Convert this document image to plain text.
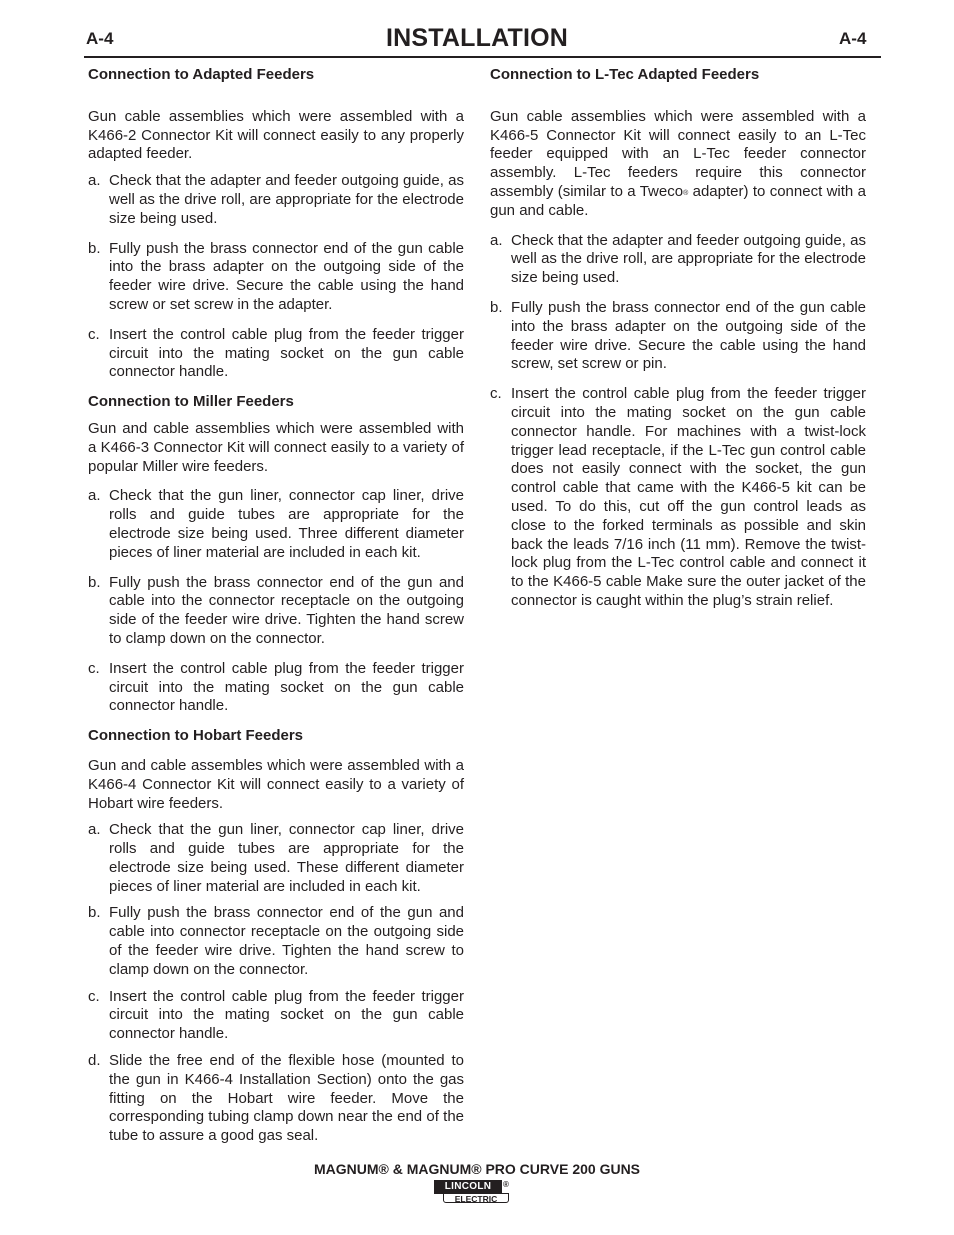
A-4	INSTALLATION	A-4

Connection to Adapted Feeders

Gun cable assemblies which were assembled with a K466-2 Connector Kit will connect easily to any properly adapted feeder.

a. Check that the adapter and feeder outgoing guide, as well as the drive roll, are appropriate for the electrode size being used.
b. Fully push the brass connector end of the gun cable into the brass adapter on the outgoing side of the feeder wire drive. Secure the cable using the hand screw or set screw in the adapter.
c. Insert the control cable plug from the feeder trigger circuit into the mating socket on the gun cable connector handle.

Connection to Miller Feeders

Gun and cable assemblies which were assembled with a K466-3 Connector Kit will connect easily to a variety of popular Miller wire feeders.

a. Check that the gun liner, connector cap liner, drive rolls and guide tubes are appropriate for the electrode size being used. Three different diameter pieces of liner material are included in each kit.
b. Fully push the brass connector end of the gun and cable into the connector receptacle on the outgoing side of the feeder wire drive. Tighten the hand screw to clamp down on the connector.
c. Insert the control cable plug from the feeder trigger circuit into the mating socket on the gun cable connector handle.

Connection to Hobart Feeders

Gun and cable assembles which were assembled with a K466-4 Connector Kit will connect easily to a variety of Hobart wire feeders.

a. Check that the gun liner, connector cap liner, drive rolls and guide tubes are appropriate for the electrode size being used. These different diameter pieces of liner material are included in each kit.
b. Fully push the brass connector end of the gun and cable into connector receptacle on the outgoing side of the feeder wire drive. Tighten the hand screw to clamp down on the connector.
c. Insert the control cable plug from the feeder trigger circuit into the mating socket on the gun cable connector handle.
d. Slide the free end of the flexible hose (mounted to the gun in K466-4 Installation Section) onto the gas fitting on the Hobart wire feeder. Move the corresponding tubing clamp down near the end of the tube to assure a good gas seal.

Connection to L-Tec Adapted Feeders

Gun cable assemblies which were assembled with a K466-5 Connector Kit will connect easily to an L-Tec feeder equipped with an L-Tec feeder connector assembly. L-Tec feeders require this connector assembly (similar to a Tweco® adapter) to connect with a gun and cable.

a. Check that the adapter and feeder outgoing guide, as well as the drive roll, are appropriate for the electrode size being used.
b. Fully push the brass connector end of the gun cable into the brass adapter on the outgoing side of the feeder wire drive. Secure the cable using the hand screw, set screw or pin.
c. Insert the control cable plug from the feeder trigger circuit into the mating socket on the gun cable connector handle. For machines with a twist-lock trigger lead receptacle, if the L-Tec gun control cable does not easily connect with the socket, the gun control cable that came with the K466-5 kit can be used. To do this, cut off the gun control leads as close to the forked terminals as possible and skin back the leads 7/16 inch (11 mm). Remove the twist-lock plug from the L-Tec control cable and connect it to the K466-5 cable Make sure the outer jacket of the connector is caught within the plug’s strain relief.
MAGNUM® & MAGNUM® PRO CURVE 200 GUNS
LINCOLN
ELECTRIC
®
